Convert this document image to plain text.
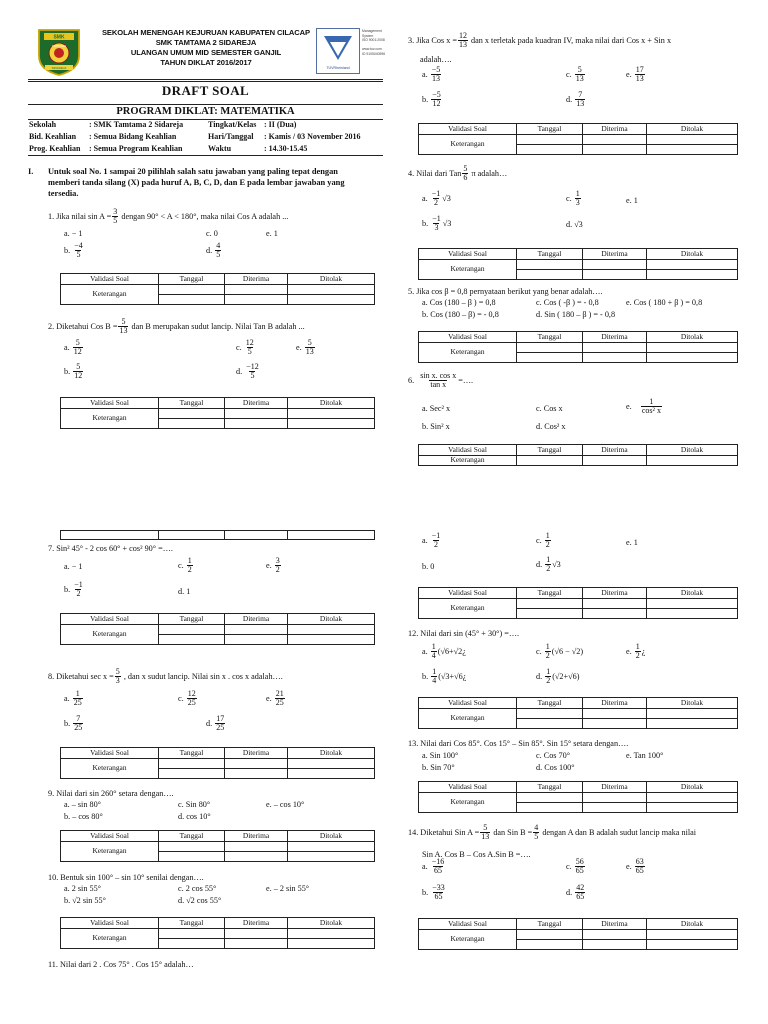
SMK
TAMTAMA
SIDAREJA
SEKOLAH MENENGAH KEJURUAN KABUPATEN CILACAP
SMK TAMTAMA 2 SIDAREJA
ULANGAN UMUM MID SEMESTER GANJIL
TAHUN DIKLAT 2016/2017
TÜVRheinland
Management
System
ISO 9001:2008

www.tuv.com
ID 9105040596
DRAFT SOAL
PROGRAM DIKLAT: MATEMATIKA
Sekolah	: SMK Tamtama 2 Sidareja
Bid. Keahlian : Semua Bidang Keahlian
Prog. Keahlian : Semua Program Keahlian
Tingkat/Kelas : II (Dua)
Hari/Tanggal : Kamis / 03 November 2016
Waktu	: 14.30-15.45
I. Untuk soal No. 1 sampai 20 pilihlah salah satu jawaban yang paling tepat dengan
memberi tanda silang (X) pada huruf A, B, C, D, dan E pada lembar jawaban yang
tersedia.
1. Jika nilai $\sin A = \frac{3}{5}$ dengan 90° < A < 180°, maka nilai Cos A adalah ...
a. − 1	c. 0	e. 1
b. $\frac{-4}{5}$	d. $\frac{4}{5}$
Validasi Soal	Tanggal	Diterima	Ditolak
Keterangan			

2. Diketahui Cos $B = \frac{5}{13}$ dan B merupakan sudut lancip. Nilai Tan B adalah ...
a. $\frac{5}{12}$	c. $\frac{12}{5}$	e. $\frac{5}{13}$
b. $\frac{5}{12}$	d. $\frac{-12}{5}$
Validasi Soal	Tanggal	Diterima	Ditolak
Keterangan			

7. Sin² 45° - 2 cos 60° + cos² 90° =….
a. − 1	c. $\frac{1}{2}$	e. $\frac{3}{2}$
b. $\frac{-1}{2}$	d. 1
Validasi Soal	Tanggal	Diterima	Ditolak
Keterangan			

8. Diketahui $\sec x = \frac{5}{3}$ , dan x sudut lancip. Nilai sin x . cos x adalah….
a. $\frac{1}{25}$	c. $\frac{12}{25}$	e. $\frac{21}{25}$
b. $\frac{7}{25}$	d. $\frac{17}{25}$
Validasi Soal	Tanggal	Diterima	Ditolak
Keterangan			

9. Nilai dari sin 260° setara dengan….
a. – sin 80°	c. Sin 80°	e. – cos 10°
b. – cos 80°	d. cos 10°
Validasi Soal	Tanggal	Diterima	Ditolak
Keterangan			

10. Bentuk sin 100° – sin 10° senilai dengan….
a. 2 sin 55°	c. 2 cos 55°	e. – 2 sin 55°
b. √2 sin 55°	d. √2 cos 55°
Validasi Soal	Tanggal	Diterima	Ditolak
Keterangan			

11. Nilai dari 2 . Cos 75° . Cos 15° adalah…
3. Jika Cos $x = \frac{12}{13}$ dan x terletak pada kuadran IV, maka nilai dari Cos x + Sin x
adalah….
a. $\frac{-5}{13}$	c. $\frac{5}{13}$	e. $\frac{17}{13}$
b. $\frac{-5}{12}$	d. $\frac{7}{13}$
Validasi Soal	Tanggal	Diterima	Ditolak
Keterangan			

4. Nilai dari Tan $\frac{5}{6}$ π adalah…
a. $\frac{-1}{2} √3$	c. $\frac{1}{3}$	e. 1
b. $\frac{-1}{3} √3$	d. √3
Validasi Soal	Tanggal	Diterima	Ditolak
Keterangan			

5. Jika cos β = 0,8 pernyataan berikut yang benar adalah….
a. Cos (180 – β ) = 0,8	c. Cos ( -β ) = - 0,8	e. Cos ( 180 + β ) = 0,8
b. Cos (180 – β) = - 0,8	d. Sin ( 180 – β ) = - 0,8
Validasi Soal	Tanggal	Diterima	Ditolak
Keterangan			

6. $\frac{\text{sin x. cos x}}{\text{tan x}}$ =….
a. Sec² x	c. Cos x	e. $\frac{1}{\text{cos² x}}$
b. Sin² x	d. Cos² x
Validasi Soal	Tanggal	Diterima	Ditolak
Keterangan			
a. $\frac{-1}{2}$	c. $\frac{1}{2}$	e. 1
b. 0	d. $\frac{1}{2} √3$
Validasi Soal	Tanggal	Diterima	Ditolak
Keterangan			

12. Nilai dari sin (45° + 30°) =….
a. $\frac{1}{4}$ (√6+√2¿	c. $\frac{1}{2} (√6 - √2)$	e. $\frac{1}{2}$ ¿
b. $\frac{1}{4}$ (√3+√6¿	d. $\frac{1}{2} (√2+√6)$
Validasi Soal	Tanggal	Diterima	Ditolak
Keterangan			

13. Nilai dari Cos 85°. Cos 15° – Sin 85°. Sin 15° setara dengan….
a. Sin 100°	c. Cos 70°	e. Tan 100°
b. Sin 70°	d. Cos 100°
Validasi Soal	Tanggal	Diterima	Ditolak
Keterangan			

14. Diketahui Sin $A = \frac{5}{13}$ dan Sin $B = \frac{4}{5}$ dengan A dan B adalah sudut lancip maka nilai
Sin A. Cos B – Cos A.Sin B =….
a. $\frac{-16}{65}$	c. $\frac{56}{65}$	e. $\frac{63}{65}$
b. $\frac{-33}{65}$	d. $\frac{42}{65}$
Validasi Soal	Tanggal	Diterima	Ditolak
Keterangan			
